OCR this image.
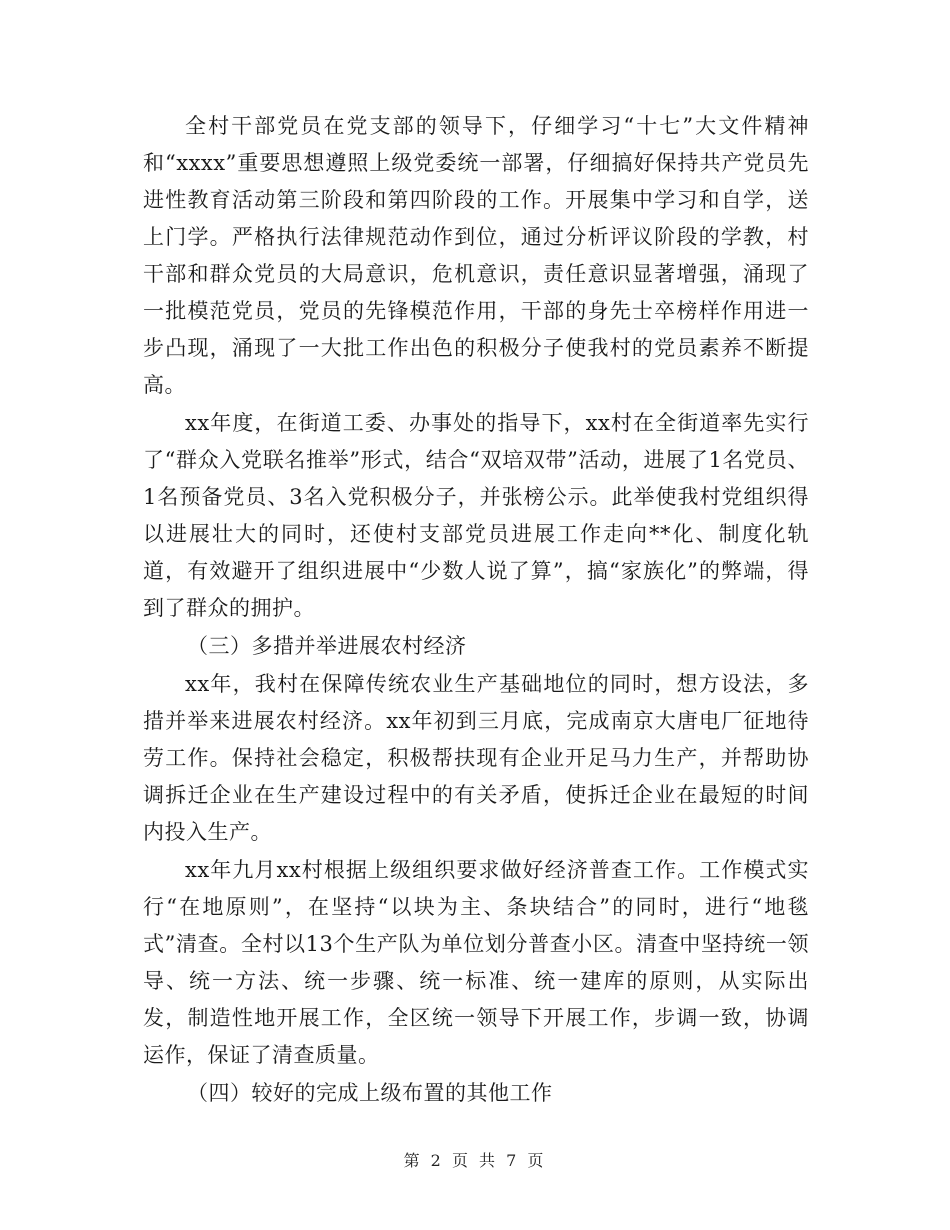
全村干部党员在党支部的领导下，仔细学习“十七”大文件精神和“xxxx”重要思想遵照上级党委统一部署，仔细搞好保持共产党员先进性教育活动第三阶段和第四阶段的工作。开展集中学习和自学，送上门学。严格执行法律规范动作到位，通过分析评议阶段的学教，村干部和群众党员的大局意识，危机意识，责任意识显著增强，涌现了一批模范党员，党员的先锋模范作用，干部的身先士卒榜样作用进一步凸现，涌现了一大批工作出色的积极分子使我村的党员素养不断提高。

xx年度，在街道工委、办事处的指导下，xx村在全街道率先实行了“群众入党联名推举”形式，结合“双培双带”活动，进展了1名党员、1名预备党员、3名入党积极分子，并张榜公示。此举使我村党组织得以进展壮大的同时，还使村支部党员进展工作走向**化、制度化轨道，有效避开了组织进展中“少数人说了算”，搞“家族化”的弊端，得到了群众的拥护。

（三）多措并举进展农村经济

xx年，我村在保障传统农业生产基础地位的同时，想方设法，多措并举来进展农村经济。xx年初到三月底，完成南京大唐电厂征地待劳工作。保持社会稳定，积极帮扶现有企业开足马力生产，并帮助协调拆迁企业在生产建设过程中的有关矛盾，使拆迁企业在最短的时间内投入生产。

xx年九月xx村根据上级组织要求做好经济普查工作。工作模式实行“在地原则”，在坚持“以块为主、条块结合”的同时，进行“地毯式”清查。全村以13个生产队为单位划分普查小区。清查中坚持统一领导、统一方法、统一步骤、统一标准、统一建库的原则，从实际出发，制造性地开展工作，全区统一领导下开展工作，步调一致，协调运作，保证了清查质量。

（四）较好的完成上级布置的其他工作

第 2 页 共 7 页
